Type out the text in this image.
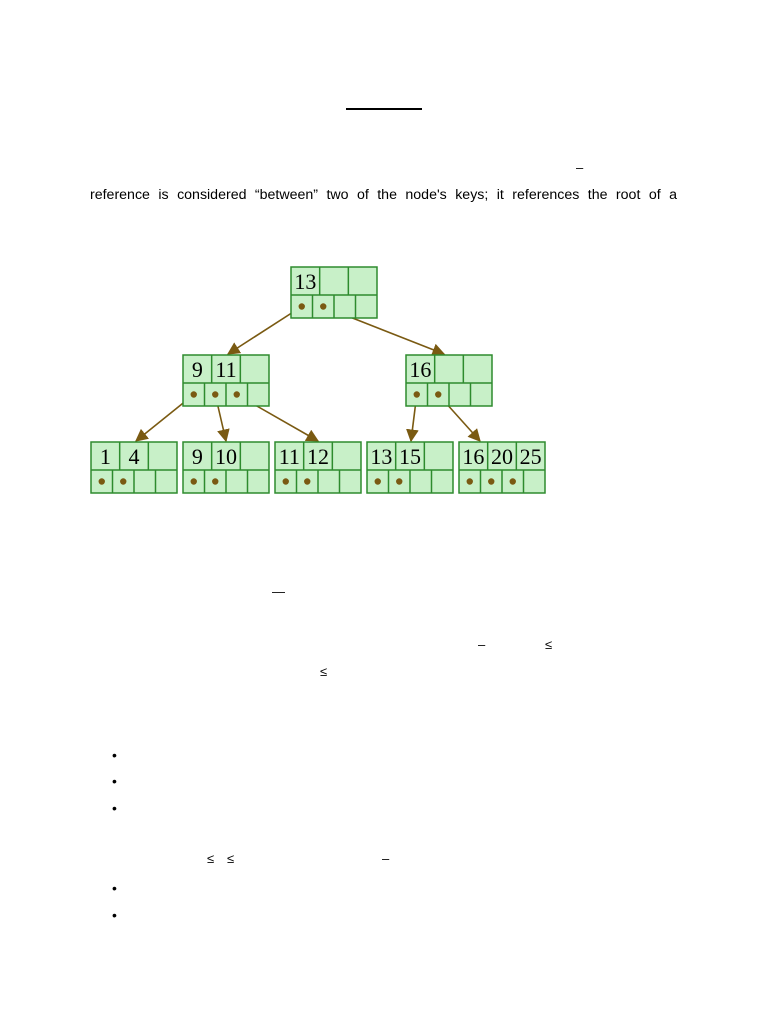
–
reference is considered “between” two of the node's keys; it references the root of a
13
9 11	16
1 4 9 10 11 12 13 15 16 20 25
—
–	≤
≤
•
•
•
≤ ≤	–
•
•
